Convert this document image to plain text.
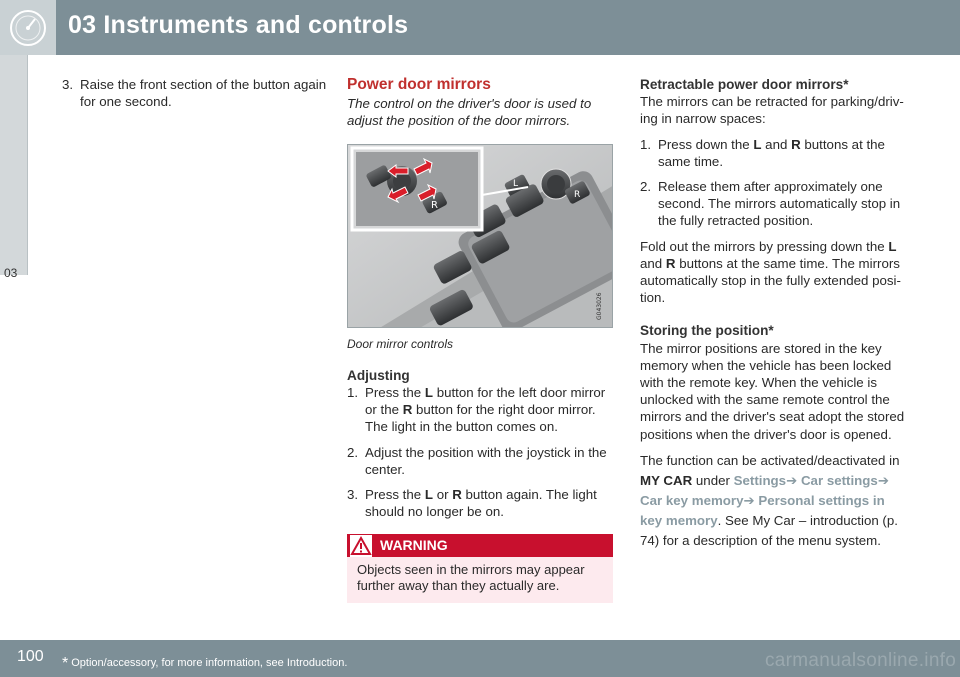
03 Instruments and controls
03
3. Raise the front section of the button again for one second.
Power door mirrors
The control on the driver's door is used to adjust the position of the door mirrors.
L
R
R
G043026
Door mirror controls
Adjusting
1. Press the L button for the left door mirror or the R button for the right door mirror. The light in the button comes on.
2. Adjust the position with the joystick in the center.
3. Press the L or R button again. The light should no longer be on.
WARNING
Objects seen in the mirrors may appear further away than they actually are.
Retractable power door mirrors*
The mirrors can be retracted for parking/driv-ing in narrow spaces:
1. Press down the L and R buttons at the same time.
2. Release them after approximately one second. The mirrors automatically stop in the fully retracted position.
Fold out the mirrors by pressing down the L and R buttons at the same time. The mirrors automatically stop in the fully extended posi-tion.
Storing the position*
The mirror positions are stored in the key memory when the vehicle has been locked with the remote key. When the vehicle is unlocked with the same remote control the mirrors and the driver's seat adopt the stored positions when the driver's door is opened.
The function can be activated/deactivated in MY CAR under Settings➔ Car settings➔ Car key memory➔ Personal settings in key memory. See My Car – introduction (p. 74) for a description of the menu system.
100 * Option/accessory, for more information, see Introduction.	carmanualsonline.info
